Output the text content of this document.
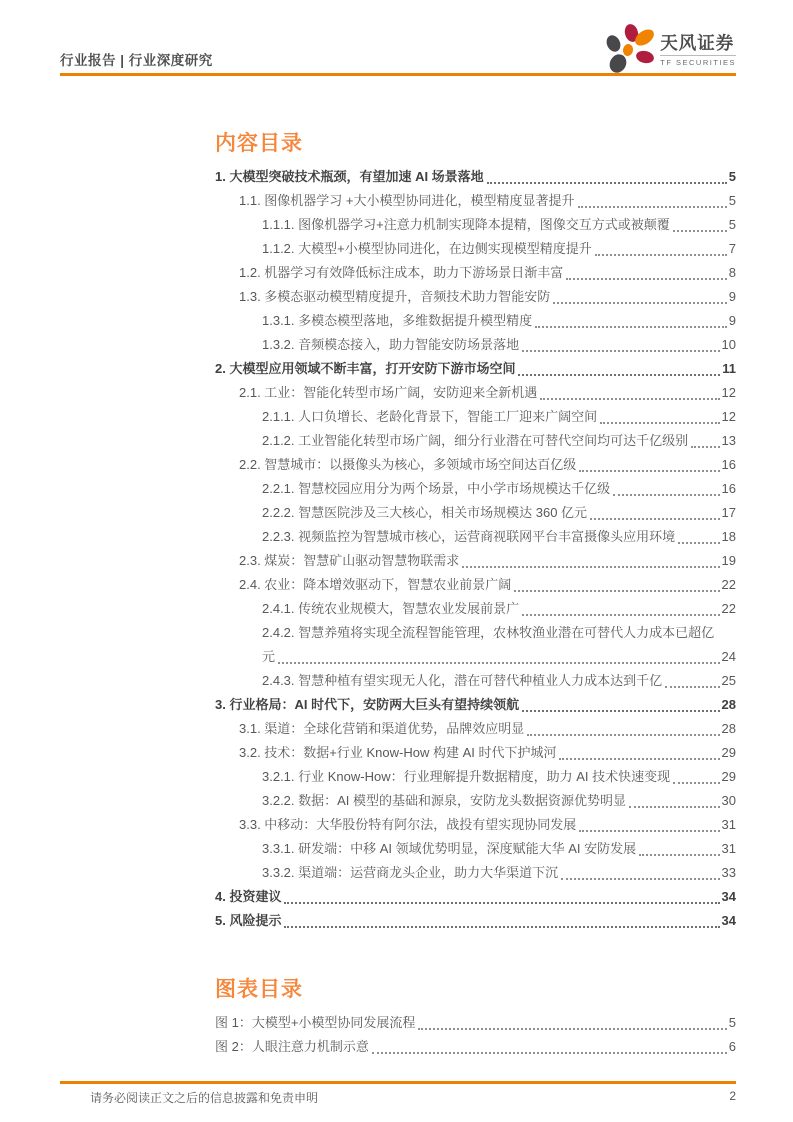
行业报告 | 行业深度研究
天风证券
TF SECURITIES
内容目录
1. 大模型突破技术瓶颈，有望加速 AI 场景落地	5
1.1. 图像机器学习 +大小模型协同进化，模型精度显著提升	5
1.1.1. 图像机器学习+注意力机制实现降本提精，图像交互方式或被颠覆	5
1.1.2. 大模型+小模型协同进化，在边侧实现模型精度提升	7
1.2. 机器学习有效降低标注成本，助力下游场景日渐丰富	8
1.3. 多模态驱动模型精度提升，音频技术助力智能安防	9
1.3.1. 多模态模型落地，多维数据提升模型精度	9
1.3.2. 音频模态接入，助力智能安防场景落地	10
2. 大模型应用领域不断丰富，打开安防下游市场空间	11
2.1. 工业：智能化转型市场广阔，安防迎来全新机遇	12
2.1.1. 人口负增长、老龄化背景下，智能工厂迎来广阔空间	12
2.1.2. 工业智能化转型市场广阔，细分行业潜在可替代空间均可达千亿级别	13
2.2. 智慧城市：以摄像头为核心，多领域市场空间达百亿级	16
2.2.1. 智慧校园应用分为两个场景，中小学市场规模达千亿级	16
2.2.2. 智慧医院涉及三大核心，相关市场规模达 360 亿元	17
2.2.3. 视频监控为智慧城市核心，运营商视联网平台丰富摄像头应用环境	18
2.3. 煤炭：智慧矿山驱动智慧物联需求	19
2.4. 农业：降本增效驱动下，智慧农业前景广阔	22
2.4.1. 传统农业规模大，智慧农业发展前景广	22
2.4.2. 智慧养殖将实现全流程智能管理，农林牧渔业潜在可替代人力成本已超亿
元	24
2.4.3. 智慧种植有望实现无人化，潜在可替代种植业人力成本达到千亿	25
3. 行业格局：AI 时代下，安防两大巨头有望持续领航	28
3.1. 渠道：全球化营销和渠道优势，品牌效应明显	28
3.2. 技术：数据+行业 Know-How 构建 AI 时代下护城河	29
3.2.1. 行业 Know-How：行业理解提升数据精度，助力 AI 技术快速变现	29
3.2.2. 数据：AI 模型的基础和源泉，安防龙头数据资源优势明显	30
3.3. 中移动：大华股份特有阿尔法，战投有望实现协同发展	31
3.3.1. 研发端：中移 AI 领域优势明显，深度赋能大华 AI 安防发展	31
3.3.2. 渠道端：运营商龙头企业，助力大华渠道下沉	33
4. 投资建议	34
5. 风险提示	34
图表目录
图 1：大模型+小模型协同发展流程	5
图 2：人眼注意力机制示意	6
请务必阅读正文之后的信息披露和免责申明	2
